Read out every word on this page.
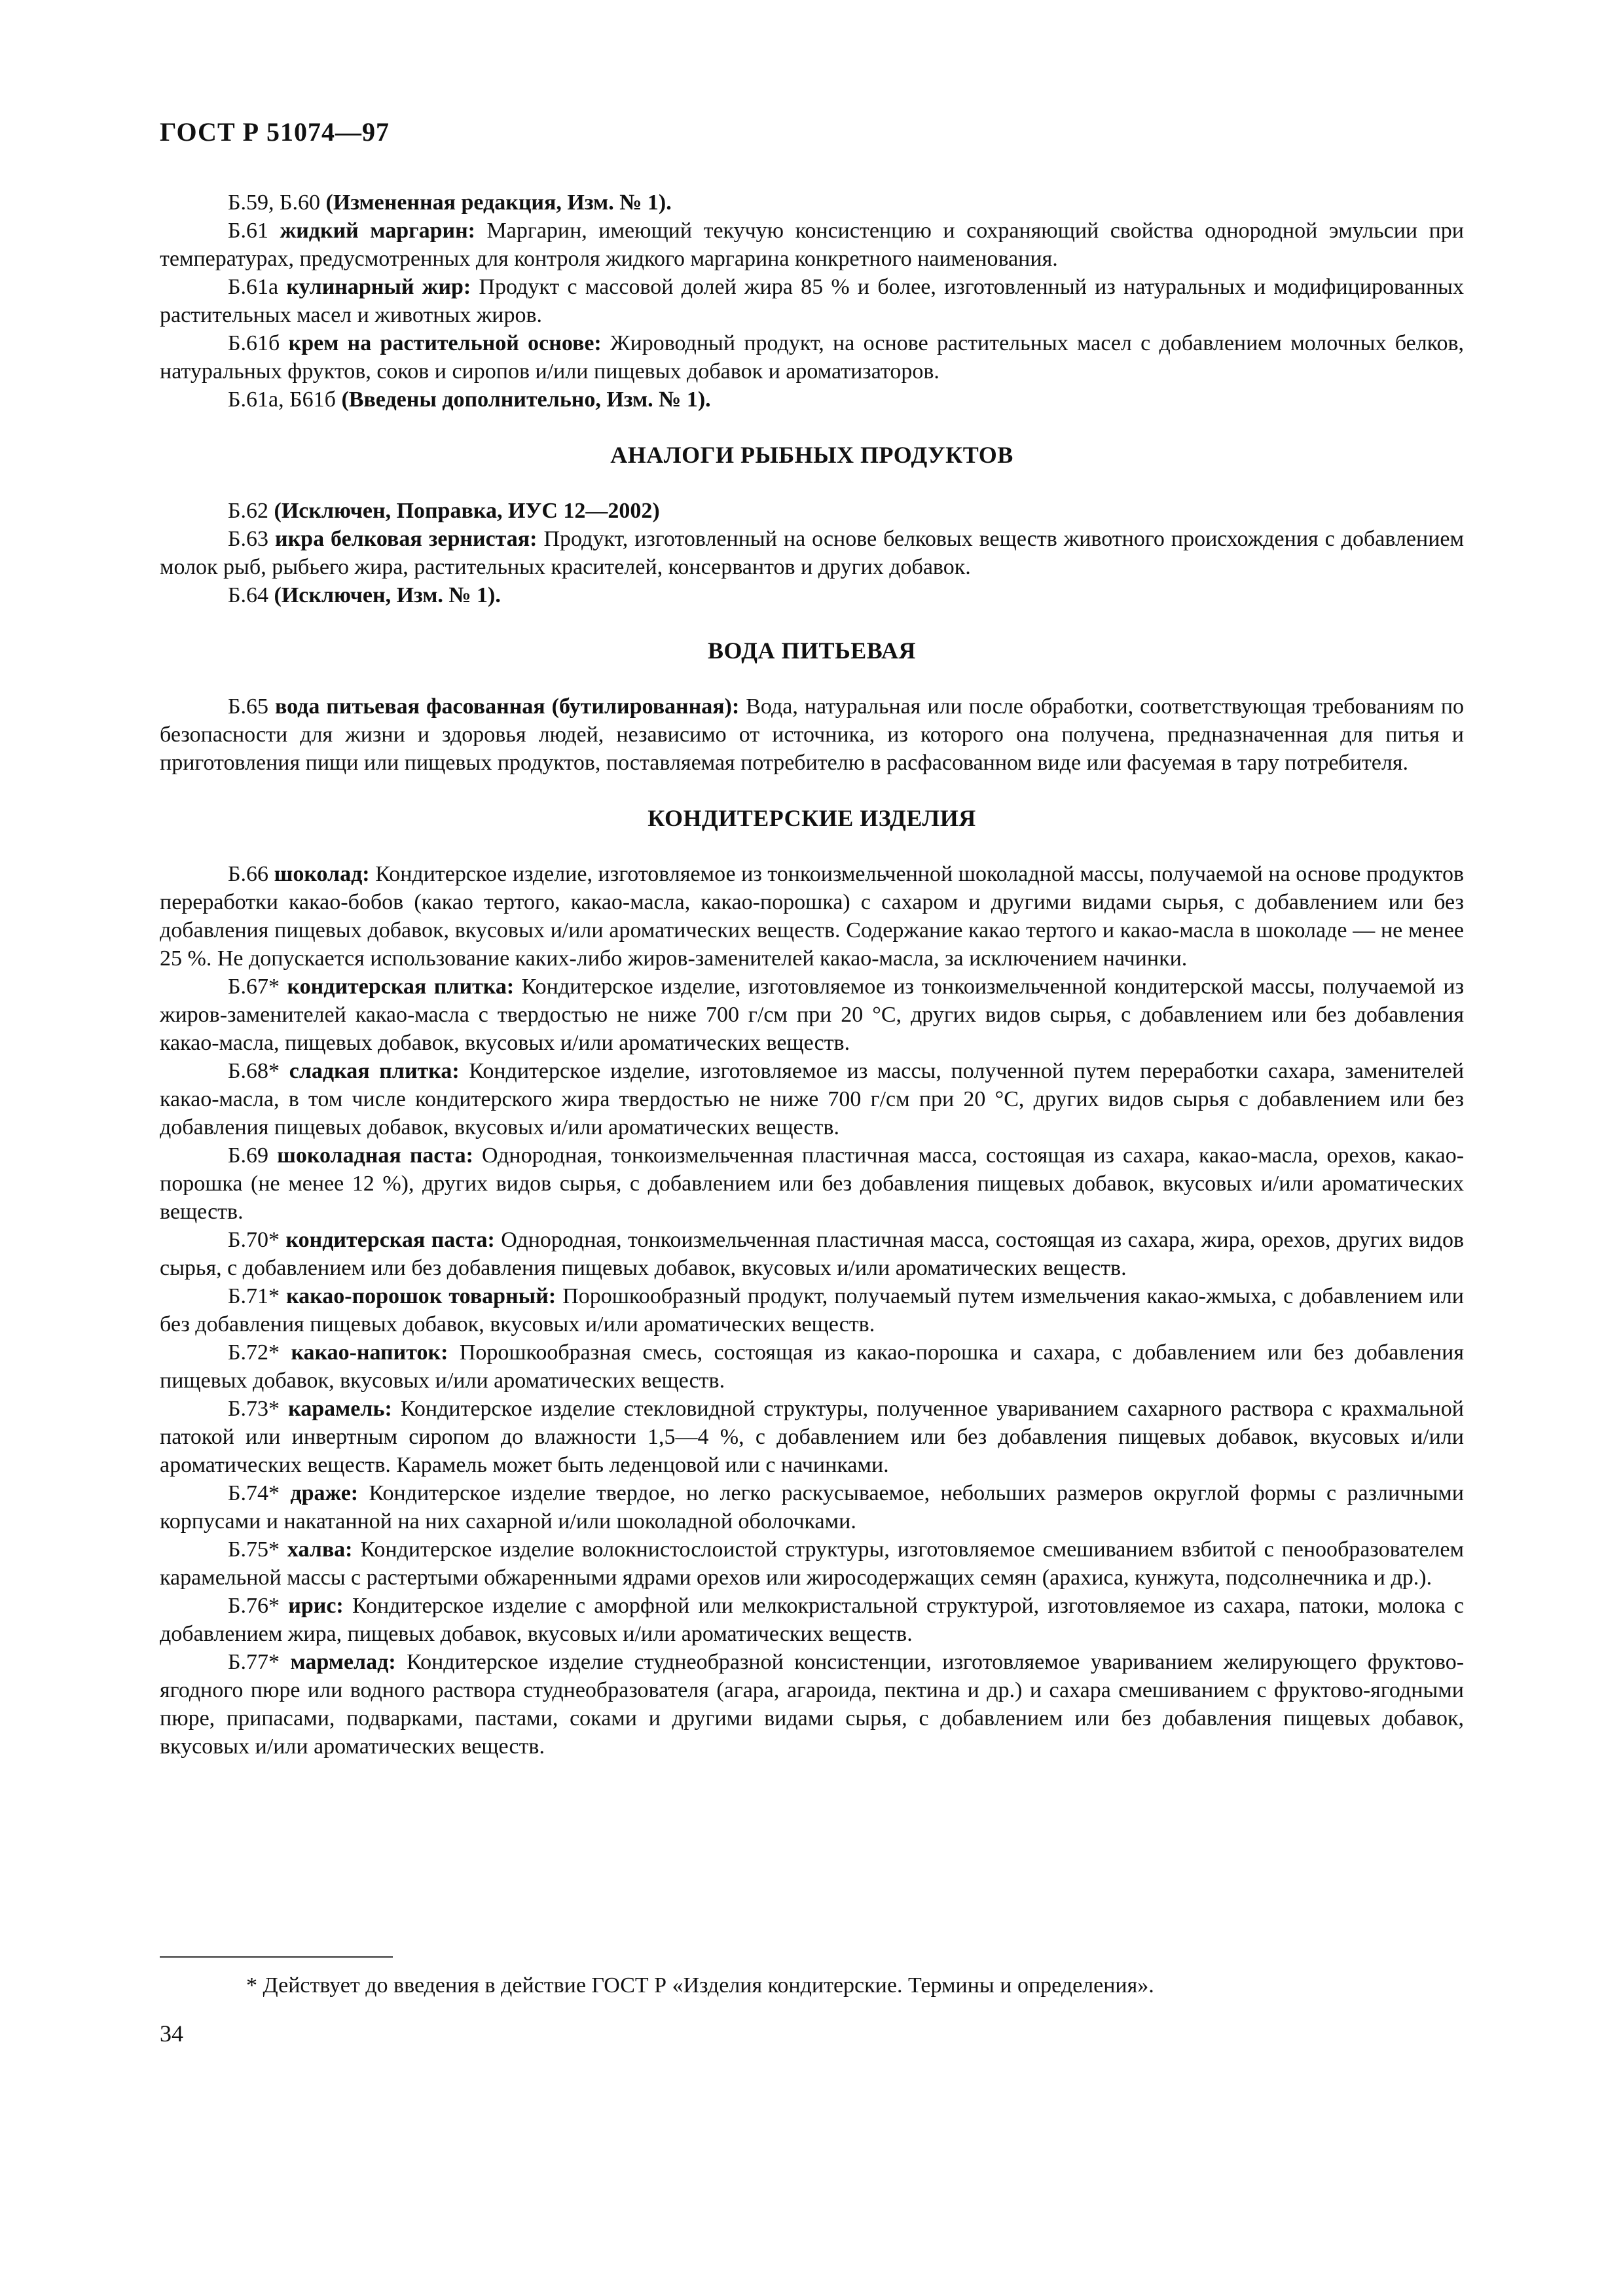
ГОСТ Р 51074—97

Б.59, Б.60 (Измененная редакция, Изм. № 1).

Б.61 жидкий маргарин: Маргарин, имеющий текучую консистенцию и сохраняющий свойства однородной эмульсии при температурах, предусмотренных для контроля жидкого маргарина конкретного наименования.

Б.61а кулинарный жир: Продукт с массовой долей жира 85 % и более, изготовленный из натуральных и модифицированных растительных масел и животных жиров.

Б.61б крем на растительной основе: Жироводный продукт, на основе растительных масел с добавлением молочных белков, натуральных фруктов, соков и сиропов и/или пищевых добавок и ароматизаторов.

Б.61а, Б61б (Введены дополнительно, Изм. № 1).

АНАЛОГИ РЫБНЫХ ПРОДУКТОВ

Б.62 (Исключен, Поправка, ИУС 12—2002)

Б.63 икра белковая зернистая: Продукт, изготовленный на основе белковых веществ животного происхождения с добавлением молок рыб, рыбьего жира, растительных красителей, консервантов и других добавок.

Б.64 (Исключен, Изм. № 1).

ВОДА ПИТЬЕВАЯ

Б.65 вода питьевая фасованная (бутилированная): Вода, натуральная или после обработки, соответствующая требованиям по безопасности для жизни и здоровья людей, независимо от источника, из которого она получена, предназначенная для питья и приготовления пищи или пищевых продуктов, поставляемая потребителю в расфасованном виде или фасуемая в тару потребителя.

КОНДИТЕРСКИЕ ИЗДЕЛИЯ

Б.66 шоколад: Кондитерское изделие, изготовляемое из тонкоизмельченной шоколадной массы, получаемой на основе продуктов переработки какао-бобов (какао тертого, какао-масла, какао-порошка) с сахаром и другими видами сырья, с добавлением или без добавления пищевых добавок, вкусовых и/или ароматических веществ. Содержание какао тертого и какао-масла в шоколаде — не менее 25 %. Не допускается использование каких-либо жиров-заменителей какао-масла, за исключением начинки.

Б.67* кондитерская плитка: Кондитерское изделие, изготовляемое из тонкоизмельченной кондитерской массы, получаемой из жиров-заменителей какао-масла с твердостью не ниже 700 г/см при 20 °С, других видов сырья, с добавлением или без добавления какао-масла, пищевых добавок, вкусовых и/или ароматических веществ.

Б.68* сладкая плитка: Кондитерское изделие, изготовляемое из массы, полученной путем переработки сахара, заменителей какао-масла, в том числе кондитерского жира твердостью не ниже 700 г/см при 20 °С, других видов сырья с добавлением или без добавления пищевых добавок, вкусовых и/или ароматических веществ.

Б.69 шоколадная паста: Однородная, тонкоизмельченная пластичная масса, состоящая из сахара, какао-масла, орехов, какао-порошка (не менее 12 %), других видов сырья, с добавлением или без добавления пищевых добавок, вкусовых и/или ароматических веществ.

Б.70* кондитерская паста: Однородная, тонкоизмельченная пластичная масса, состоящая из сахара, жира, орехов, других видов сырья, с добавлением или без добавления пищевых добавок, вкусовых и/или ароматических веществ.

Б.71* какао-порошок товарный: Порошкообразный продукт, получаемый путем измельчения какао-жмыха, с добавлением или без добавления пищевых добавок, вкусовых и/или ароматических веществ.

Б.72* какао-напиток: Порошкообразная смесь, состоящая из какао-порошка и сахара, с добавлением или без добавления пищевых добавок, вкусовых и/или ароматических веществ.

Б.73* карамель: Кондитерское изделие стекловидной структуры, полученное увариванием сахарного раствора с крахмальной патокой или инвертным сиропом до влажности 1,5—4 %, с добавлением или без добавления пищевых добавок, вкусовых и/или ароматических веществ. Карамель может быть леденцовой или с начинками.

Б.74* драже: Кондитерское изделие твердое, но легко раскусываемое, небольших размеров округлой формы с различными корпусами и накатанной на них сахарной и/или шоколадной оболочками.

Б.75* халва: Кондитерское изделие волокнистослоистой структуры, изготовляемое смешиванием взбитой с пенообразователем карамельной массы с растертыми обжаренными ядрами орехов или жиросодержащих семян (арахиса, кунжута, подсолнечника и др.).

Б.76* ирис: Кондитерское изделие с аморфной или мелкокристальной структурой, изготовляемое из сахара, патоки, молока с добавлением жира, пищевых добавок, вкусовых и/или ароматических веществ.

Б.77* мармелад: Кондитерское изделие студнеобразной консистенции, изготовляемое увариванием желирующего фруктово-ягодного пюре или водного раствора студнеобразователя (агара, агароида, пектина и др.) и сахара смешиванием с фруктово-ягодными пюре, припасами, подварками, пастами, соками и другими видами сырья, с добавлением или без добавления пищевых добавок, вкусовых и/или ароматических веществ.

* Действует до введения в действие ГОСТ Р «Изделия кондитерские. Термины и определения».
34
